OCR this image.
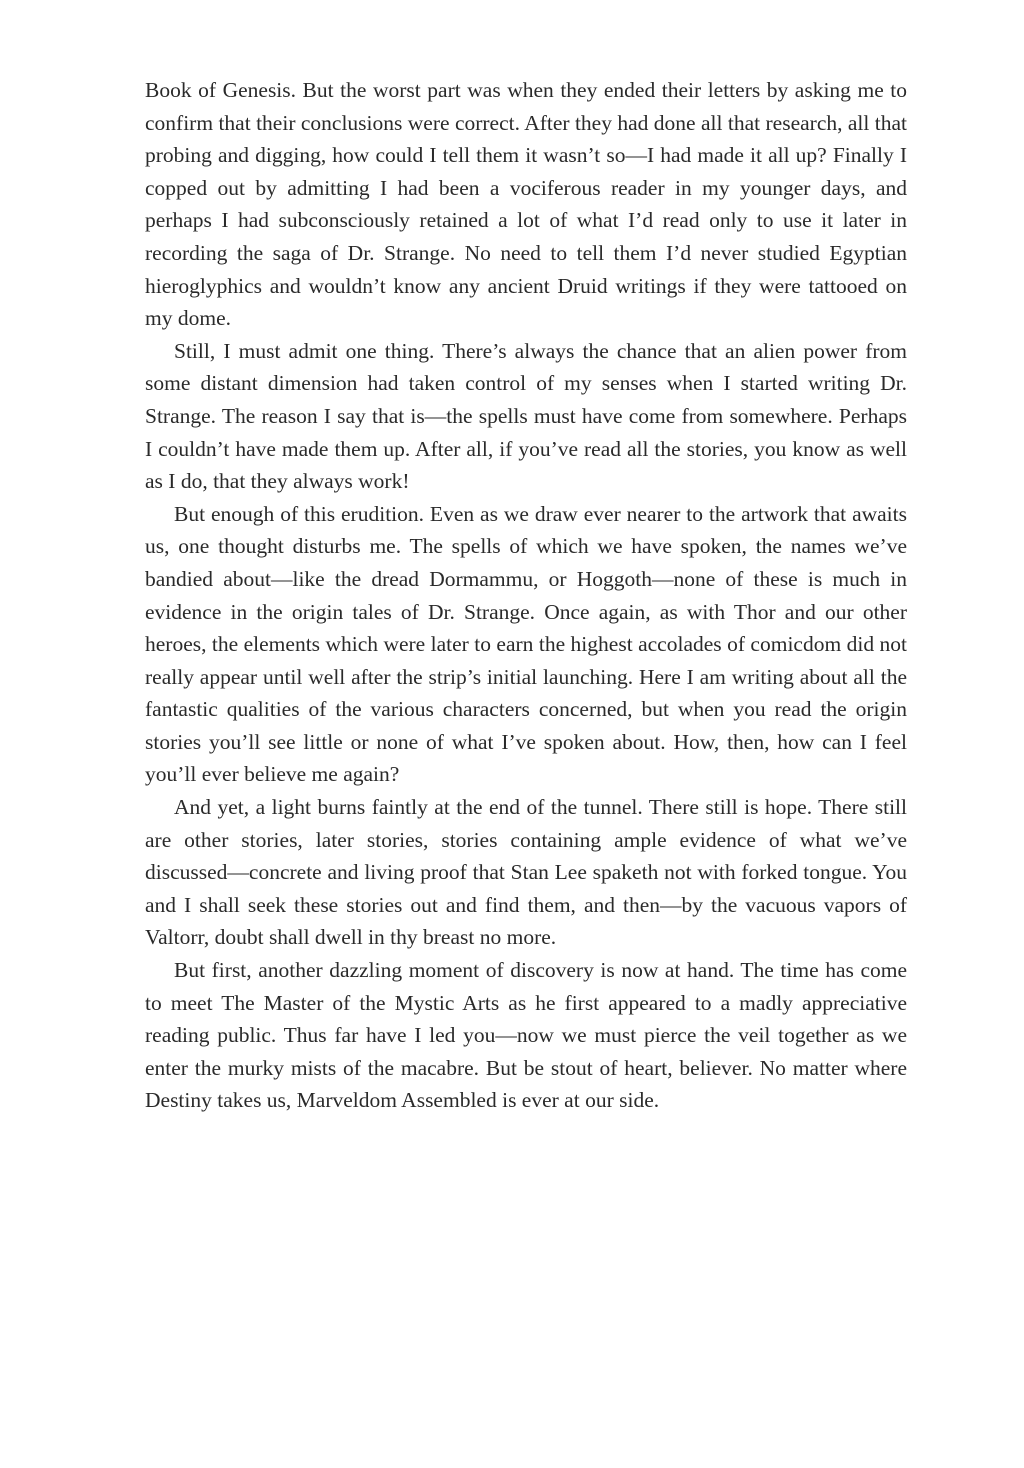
Book of Genesis. But the worst part was when they ended their letters by asking me to confirm that their conclusions were correct. After they had done all that research, all that probing and digging, how could I tell them it wasn’t so—I had made it all up? Finally I copped out by admitting I had been a vociferous reader in my younger days, and perhaps I had subconsciously retained a lot of what I’d read only to use it later in recording the saga of Dr. Strange. No need to tell them I’d never studied Egyptian hieroglyphics and wouldn’t know any ancient Druid writings if they were tattooed on my dome.

Still, I must admit one thing. There’s always the chance that an alien power from some distant dimension had taken control of my senses when I started writing Dr. Strange. The reason I say that is—the spells must have come from somewhere. Perhaps I couldn’t have made them up. After all, if you’ve read all the stories, you know as well as I do, that they always work!

But enough of this erudition. Even as we draw ever nearer to the artwork that awaits us, one thought disturbs me. The spells of which we have spoken, the names we’ve bandied about—like the dread Dormammu, or Hoggoth—none of these is much in evidence in the origin tales of Dr. Strange. Once again, as with Thor and our other heroes, the elements which were later to earn the highest accolades of comicdom did not really appear until well after the strip’s initial launching. Here I am writing about all the fantastic qualities of the various characters concerned, but when you read the origin stories you’ll see little or none of what I’ve spoken about. How, then, how can I feel you’ll ever believe me again?

And yet, a light burns faintly at the end of the tunnel. There still is hope. There still are other stories, later stories, stories containing ample evidence of what we’ve discussed—concrete and living proof that Stan Lee spaketh not with forked tongue. You and I shall seek these stories out and find them, and then—by the vacuous vapors of Valtorr, doubt shall dwell in thy breast no more.

But first, another dazzling moment of discovery is now at hand. The time has come to meet The Master of the Mystic Arts as he first appeared to a madly appreciative reading public. Thus far have I led you—now we must pierce the veil together as we enter the murky mists of the macabre. But be stout of heart, believer. No matter where Destiny takes us, Marveldom Assembled is ever at our side.
